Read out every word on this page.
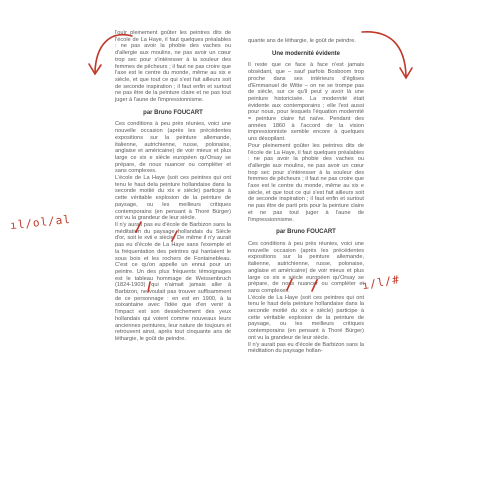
l'ouïr pleinement goûter les peintres dits de l'école de La Haye, il faut quelques préalables : ne pas avoir la phobie des vaches ou d'allergie aux moulins, ne pas avoir un cœur trop sec pour s'intéresser à la souleur des femmes de pêcheurs ; il faut ne pas croire que l'axe est le centre du monde, même au xix e siècle, et que tout ce qui s'est fait ailleurs soit de seconde inspiration ; il faut enfin et surtout ne pas être de la peinture claire et ne pas tout juger à l'aune de l'impressionnisme.

par Bruno FOUCART

Ces conditions à peu près réunies, voici une nouvelle occasion (après les précédentes expositions sur la peinture allemande, italienne, autrichienne, russe, polonaise, anglaise et américaine) de voir mieux et plus large ce xix e siècle européen qu'Orsay se prépare, de nous nuancer ou compléter et sans complexes.

L'école de La Haye (soit ces peintres qui ont tenu le haut dela peinture hollandaise dans la seconde moitié du xix e siècle) participe à cette véritable explosion de la peinture de paysage, ou les meilleurs critiques contemporains (en pensant à Thoré Bürger) ont vu la grandeur de leur siècle.

Il n'y aurait pas eu d'école de Barbizon sans la méditation du paysage hollandais du Siècle d'or, soit le xvii e siècle. De même il n'y aurait pas eu d'école de La Haye sans l'exemple et la fréquentation des peintres qui hantaient le sous bois et les rochers de Fontainebleau. C'est ce qu'on appelle un ennui pour un peintre. Un des plus fréquents témoignages est le tableau hommage de Weissenbruch (1824-1903) qui n'aimait jamais aller à Barbizon, ne voulait pas trouver suffisamment de ce personnage : en est en 1900, à la soixantaine avec l'idée que d'en venir à l'impact est son dessèchement des yeux hollandais qui voient comme nouveaux leurs anciennes peintures, leur nature de toujours et retrouvent ainsi, après tout cinquante ans de léthargie, le goût de peindre.

quante ans de léthargie, le goût de peindre.

Une modernité évidente

Il reste que ce face à face n'est jamais obsédant, que – sauf parfois Bosboom trop proche dans ses intérieurs d'églises d'Emmanuel de Witte – on ne se trompe pas de siècle, sur ce qu'il peut y avoir là une peinture historicisée. La modernité était évidente aux contemporains ; elle l'est aussi pour nous, pour lesquels l'équation modernité = peinture claire fut naïve. Pendant des années 1860 à l'accord de la vision impressionniste semble encore à quelques uns désopilant.

Pour pleinement goûter les peintres dits de l'école de La Haye, il faut quelques préalables : ne pas avoir la phobie des vaches ou d'allergie aux moulins, ne pas avoir un cœur trop sec pour s'intéresser à la souleur des femmes de pêcheurs ; il faut ne pas croire que l'axe est le centre du monde, même au xix e siècle, et que tout ce qui s'est fait ailleurs soit de seconde inspiration ; il faut enfin et surtout ne pas être de parti pris pour la peinture claire et ne pas tout juger à l'aune de l'impressionnisme.

par Bruno FOUCART

Ces conditions à peu près réunies, voici une nouvelle occasion (après les précédentes expositions sur la peinture allemande, italienne, autrichienne, russe, polonaise, anglaise et américaine) de voir mieux et plus large ce xix e siècle européen qu'Orsay se prépare, de nous nuancer ou compléter et sans complexes.

L'école de La Haye (soit ces peintres qui ont tenu le haut dela peinture hollandaise dans la seconde moitié du xix e siècle) participe à cette véritable explosion de la peinture de paysage, ou les meilleurs critiques contemporains (en pensant à Thoré Bürger) ont vu la grandeur de leur siècle.

Il n'y aurait pas eu d'école de Barbizon sans la méditation du paysage hollan-

ıl/ol/al
ı/l/#
